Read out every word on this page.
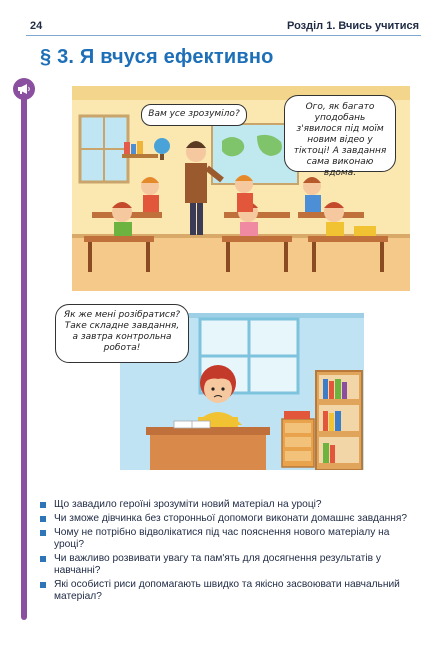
24	Розділ 1. Вчись учитися
§ 3. Я вчуся ефективно
Вам усе зрозуміло?
Ого, як багато уподобань з'явилося під моїм новим відео у тіктоці! А завдання сама виконаю вдома.
Як же мені розібратися? Таке складне завдання, а завтра контрольна робота!
Що завадило героїні зрозуміти новий матеріал на уроці?
Чи зможе дівчинка без сторонньої допомоги виконати домашнє завдання?
Чому не потрібно відволікатися під час пояснення нового матеріалу на уроці?
Чи важливо розвивати увагу та пам'ять для досягнення результатів у навчанні?
Які особисті риси допомагають швидко та якісно засвоювати навчальний матеріал?
